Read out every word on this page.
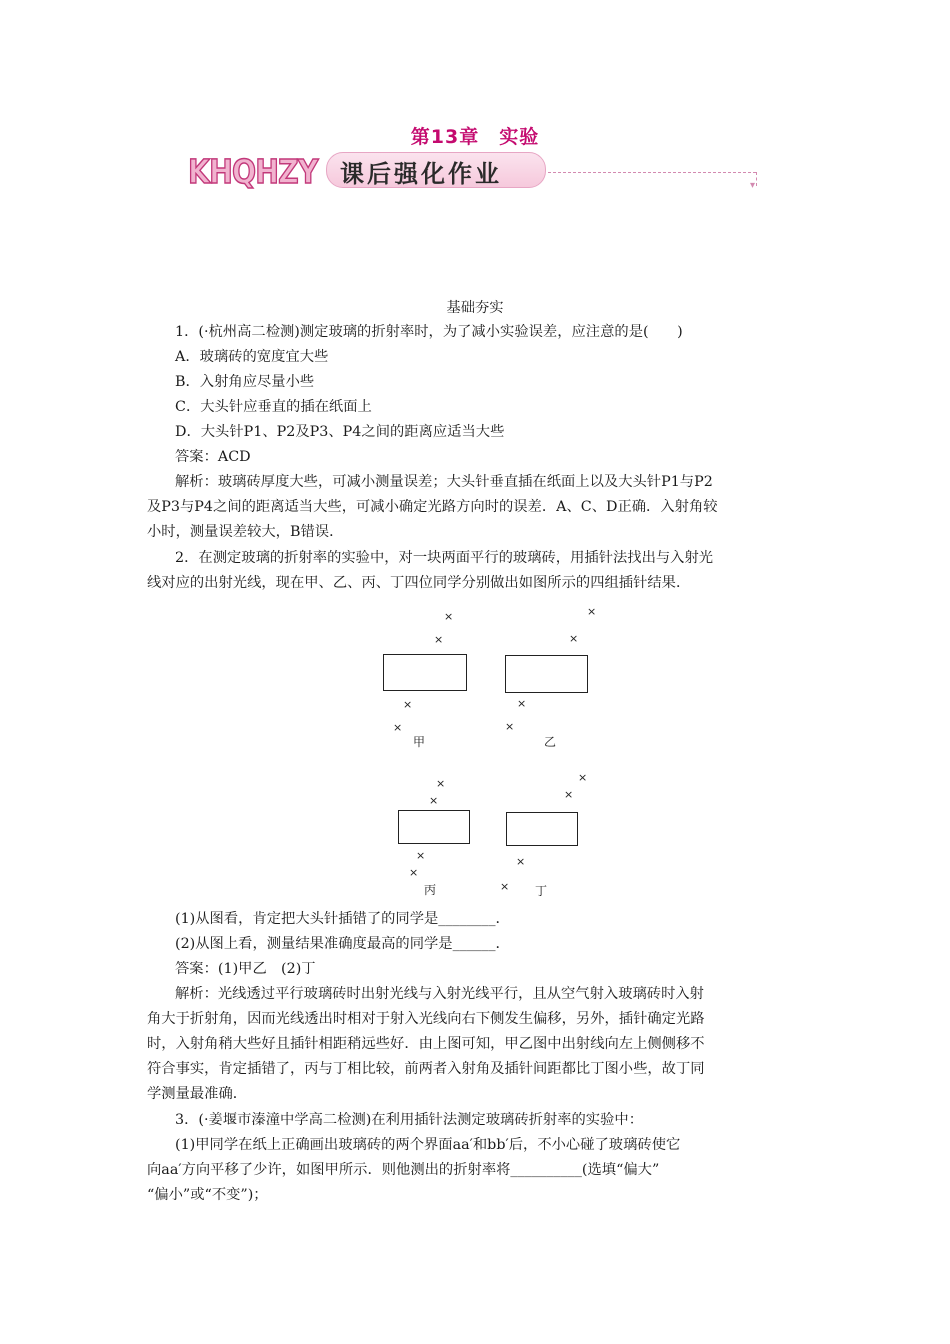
第13章　实验
KHQHZY 课后强化作业	▾
基础夯实
1．(·杭州高二检测)测定玻璃的折射率时，为了减小实验误差，应注意的是(　　)
A．玻璃砖的宽度宜大些
B．入射角应尽量小些
C．大头针应垂直的插在纸面上
D．大头针P1、P2及P3、P4之间的距离应适当大些
答案：ACD
解析：玻璃砖厚度大些，可减小测量误差；大头针垂直插在纸面上以及大头针P1与P2
及P3与P4之间的距离适当大些，可减小确定光路方向时的误差．A、C、D正确．入射角较
小时，测量误差较大，B错误．
2．在测定玻璃的折射率的实验中，对一块两面平行的玻璃砖，用插针法找出与入射光
线对应的出射光线，现在甲、乙、丙、丁四位同学分别做出如图所示的四组插针结果．
×
×
×
×
甲
×
×
×
×
乙
×
×
×
×
丙
×
×
×
× 丁
(1)从图看，肯定把大头针插错了的同学是________．
(2)从图上看，测量结果准确度最高的同学是______．
答案：(1)甲乙　(2)丁
解析：光线透过平行玻璃砖时出射光线与入射光线平行，且从空气射入玻璃砖时入射
角大于折射角，因而光线透出时相对于射入光线向右下侧发生偏移，另外，插针确定光路
时，入射角稍大些好且插针相距稍远些好．由上图可知，甲乙图中出射线向左上侧侧移不
符合事实，肯定插错了，丙与丁相比较，前两者入射角及插针间距都比丁图小些，故丁同
学测量最准确．
3．(·姜堰市溱潼中学高二检测)在利用插针法测定玻璃砖折射率的实验中：
(1)甲同学在纸上正确画出玻璃砖的两个界面aa′和bb′后，不小心碰了玻璃砖使它
向aa′方向平移了少许，如图甲所示．则他测出的折射率将__________(选填“偏大”
“偏小”或“不变”)；
